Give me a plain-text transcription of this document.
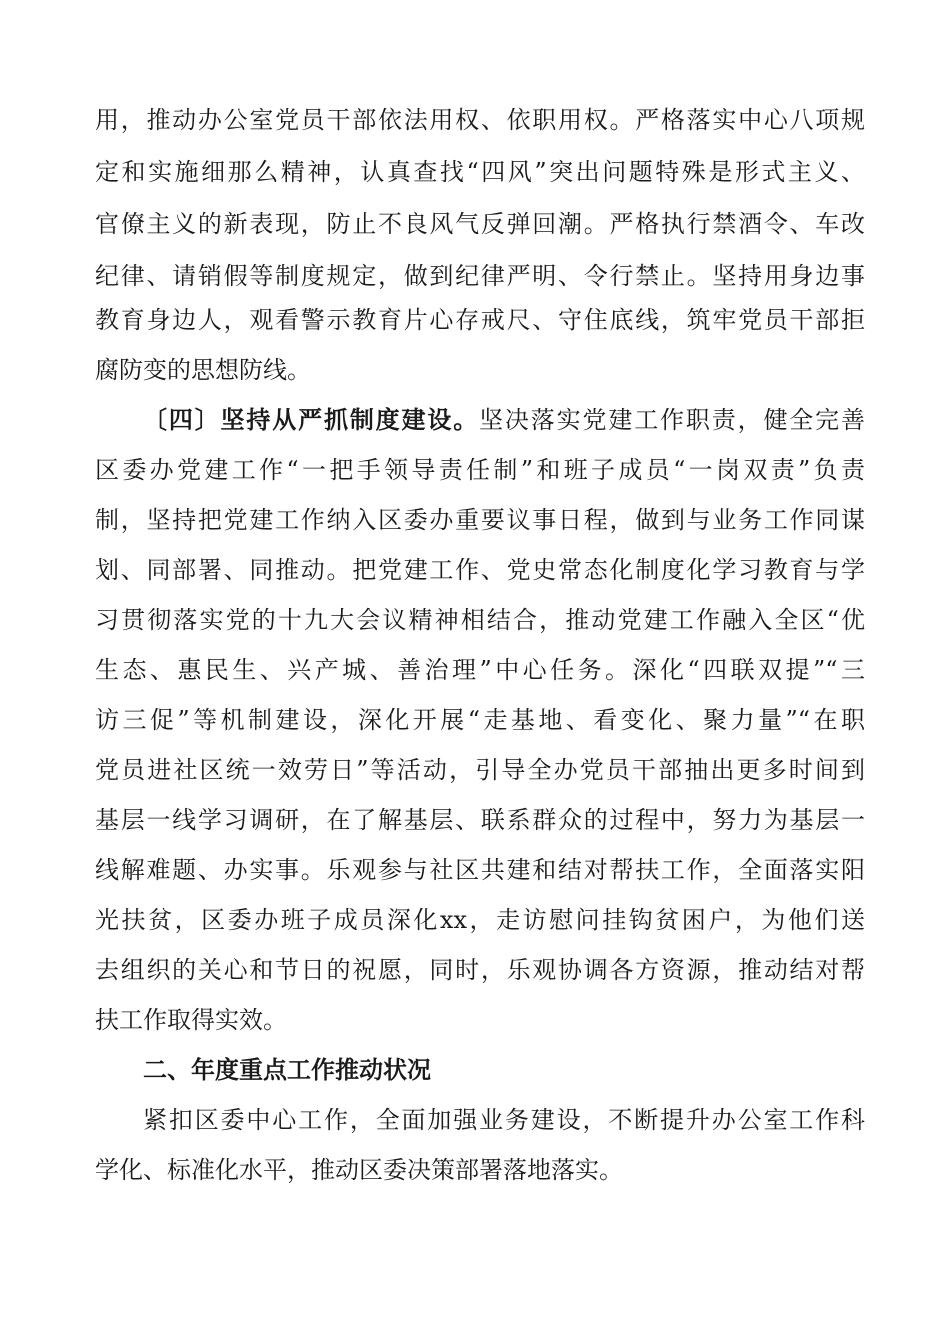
用，推动办公室党员干部依法用权、依职用权。严格落实中心八项规
定和实施细那么精神，认真查找“四风”突出问题特殊是形式主义、
官僚主义的新表现，防止不良风气反弹回潮。严格执行禁酒令、车改
纪律、请销假等制度规定，做到纪律严明、令行禁止。坚持用身边事
教育身边人，观看警示教育片心存戒尺、守住底线，筑牢党员干部拒
腐防变的思想防线。
〔四〕坚持从严抓制度建设。坚决落实党建工作职责，健全完善
区委办党建工作“一把手领导责任制”和班子成员“一岗双责”负责
制，坚持把党建工作纳入区委办重要议事日程，做到与业务工作同谋
划、同部署、同推动。把党建工作、党史常态化制度化学习教育与学
习贯彻落实党的十九大会议精神相结合，推动党建工作融入全区“优
生态、惠民生、兴产城、善治理”中心任务。深化“四联双提”“三
访三促”等机制建设，深化开展“走基地、看变化、聚力量”“在职
党员进社区统一效劳日”等活动，引导全办党员干部抽出更多时间到
基层一线学习调研，在了解基层、联系群众的过程中，努力为基层一
线解难题、办实事。乐观参与社区共建和结对帮扶工作，全面落实阳
光扶贫，区委办班子成员深化xx，走访慰问挂钩贫困户，为他们送
去组织的关心和节日的祝愿，同时，乐观协调各方资源，推动结对帮
扶工作取得实效。
二、年度重点工作推动状况
紧扣区委中心工作，全面加强业务建设，不断提升办公室工作科
学化、标准化水平，推动区委决策部署落地落实。
